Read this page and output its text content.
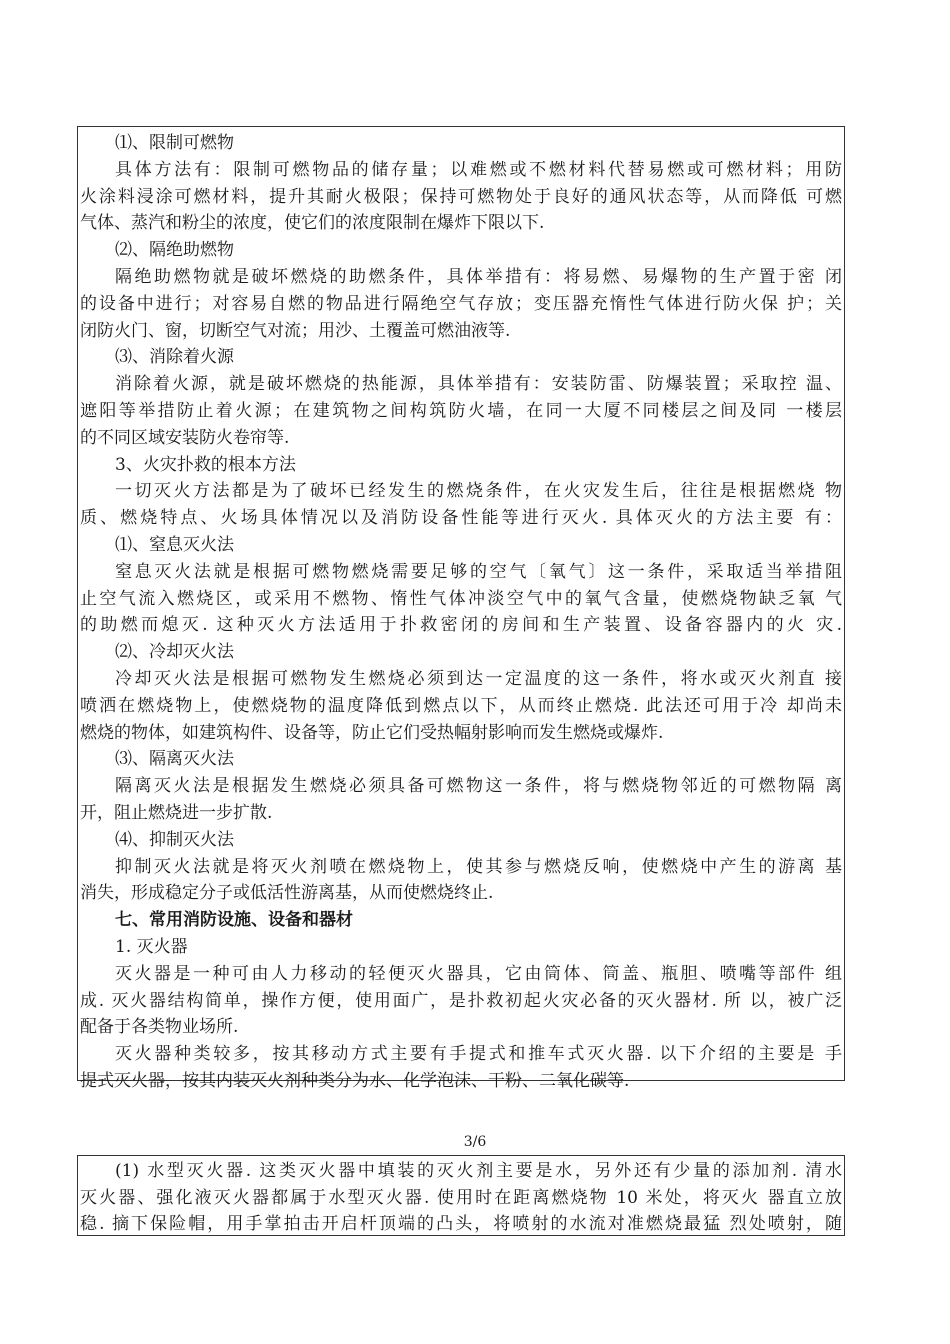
⑴、限制可燃物
具体方法有：限制可燃物品的储存量；以难燃或不燃材料代替易燃或可燃材料；用防
火涂料浸涂可燃材料，提升其耐火极限；保持可燃物处于良好的通风状态等，从而降低 可燃
气体、蒸汽和粉尘的浓度，使它们的浓度限制在爆炸下限以下.
⑵、隔绝助燃物
隔绝助燃物就是破坏燃烧的助燃条件，具体举措有：将易燃、易爆物的生产置于密 闭
的设备中进行；对容易自燃的物品进行隔绝空气存放；变压器充惰性气体进行防火保 护；关
闭防火门、窗，切断空气对流；用沙、土覆盖可燃油液等.
⑶、消除着火源
消除着火源，就是破坏燃烧的热能源，具体举措有：安装防雷、防爆装置；采取控 温、
遮阳等举措防止着火源；在建筑物之间构筑防火墙，在同一大厦不同楼层之间及同 一楼层
的不同区域安装防火卷帘等.
3、火灾扑救的根本方法
一切灭火方法都是为了破坏已经发生的燃烧条件，在火灾发生后，往往是根据燃烧 物
质、燃烧特点、火场具体情况以及消防设备性能等进行灭火. 具体灭火的方法主要 有：
⑴、窒息灭火法
窒息灭火法就是根据可燃物燃烧需要足够的空气〔氧气〕这一条件，采取适当举措阻
止空气流入燃烧区，或采用不燃物、惰性气体冲淡空气中的氧气含量，使燃烧物缺乏氧 气
的助燃而熄灭. 这种灭火方法适用于扑救密闭的房间和生产装置、设备容器内的火 灾.
⑵、冷却灭火法
冷却灭火法是根据可燃物发生燃烧必须到达一定温度的这一条件，将水或灭火剂直 接
喷洒在燃烧物上，使燃烧物的温度降低到燃点以下，从而终止燃烧. 此法还可用于冷 却尚未
燃烧的物体，如建筑构件、设备等，防止它们受热幅射影响而发生燃烧或爆炸.
⑶、隔离灭火法
隔离灭火法是根据发生燃烧必须具备可燃物这一条件，将与燃烧物邻近的可燃物隔 离
开，阻止燃烧进一步扩散.
⑷、抑制灭火法
抑制灭火法就是将灭火剂喷在燃烧物上，使其参与燃烧反响，使燃烧中产生的游离 基
消失，形成稳定分子或低活性游离基，从而使燃烧终止.
七、常用消防设施、设备和器材
1. 灭火器
灭火器是一种可由人力移动的轻便灭火器具，它由筒体、筒盖、瓶胆、喷嘴等部件 组
成. 灭火器结构简单，操作方便，使用面广，是扑救初起火灾必备的灭火器材. 所 以，被广泛
配备于各类物业场所.
灭火器种类较多，按其移动方式主要有手提式和推车式灭火器. 以下介绍的主要是 手
提式灭火器，按其内装灭火剂种类分为水、化学泡沫、干粉、二氧化碳等.
3/6
(1) 水型灭火器. 这类灭火器中填装的灭火剂主要是水，另外还有少量的添加剂. 清水
灭火器、强化液灭火器都属于水型灭火器. 使用时在距离燃烧物 10 米处，将灭火 器直立放
稳. 摘下保险帽，用手掌拍击开启杆顶端的凸头，将喷射的水流对准燃烧最猛 烈处喷射，随
